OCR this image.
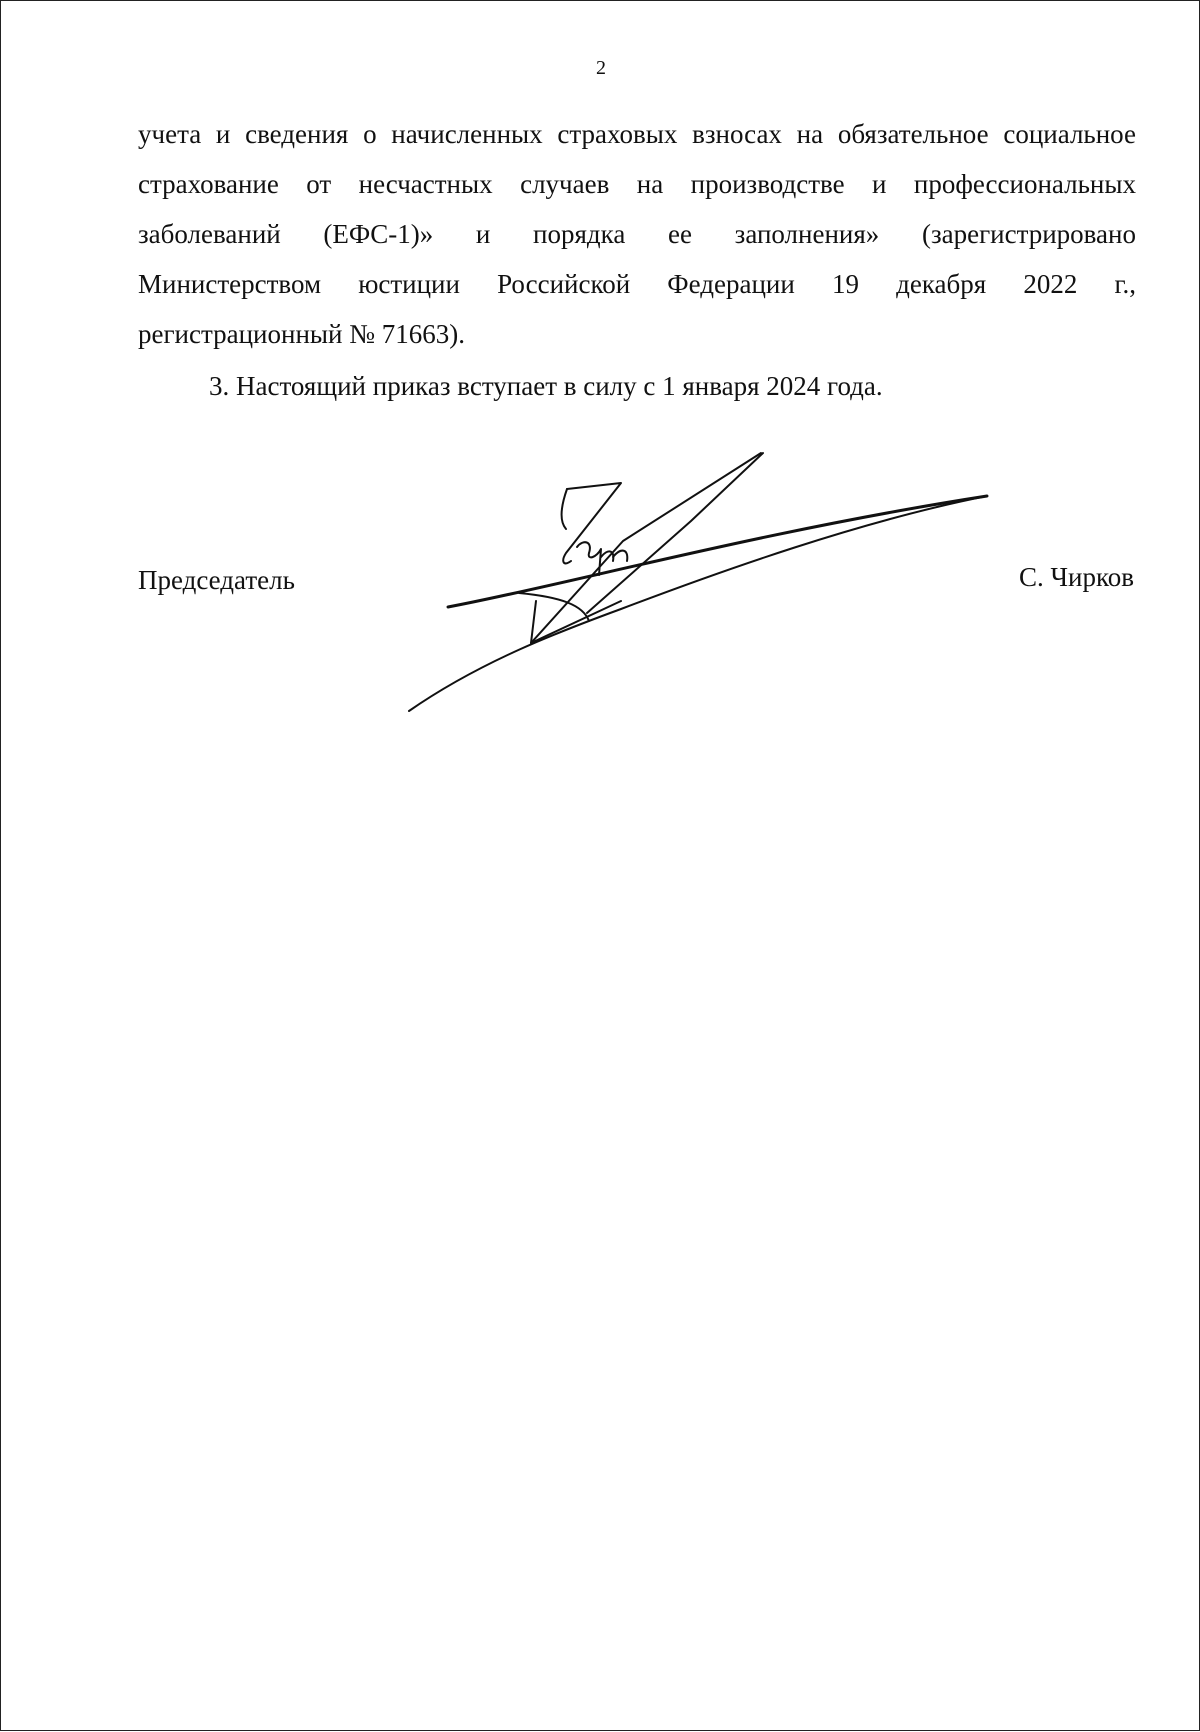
2
учета и сведения о начисленных страховых взносах на обязательное социальное
страхование от несчастных случаев на производстве и профессиональных
заболеваний (ЕФС-1)» и порядка ее заполнения» (зарегистрировано
Министерством юстиции Российской Федерации 19 декабря 2022 г.,
регистрационный № 71663).
3. Настоящий приказ вступает в силу с 1 января 2024 года.
Председатель	С. Чирков
